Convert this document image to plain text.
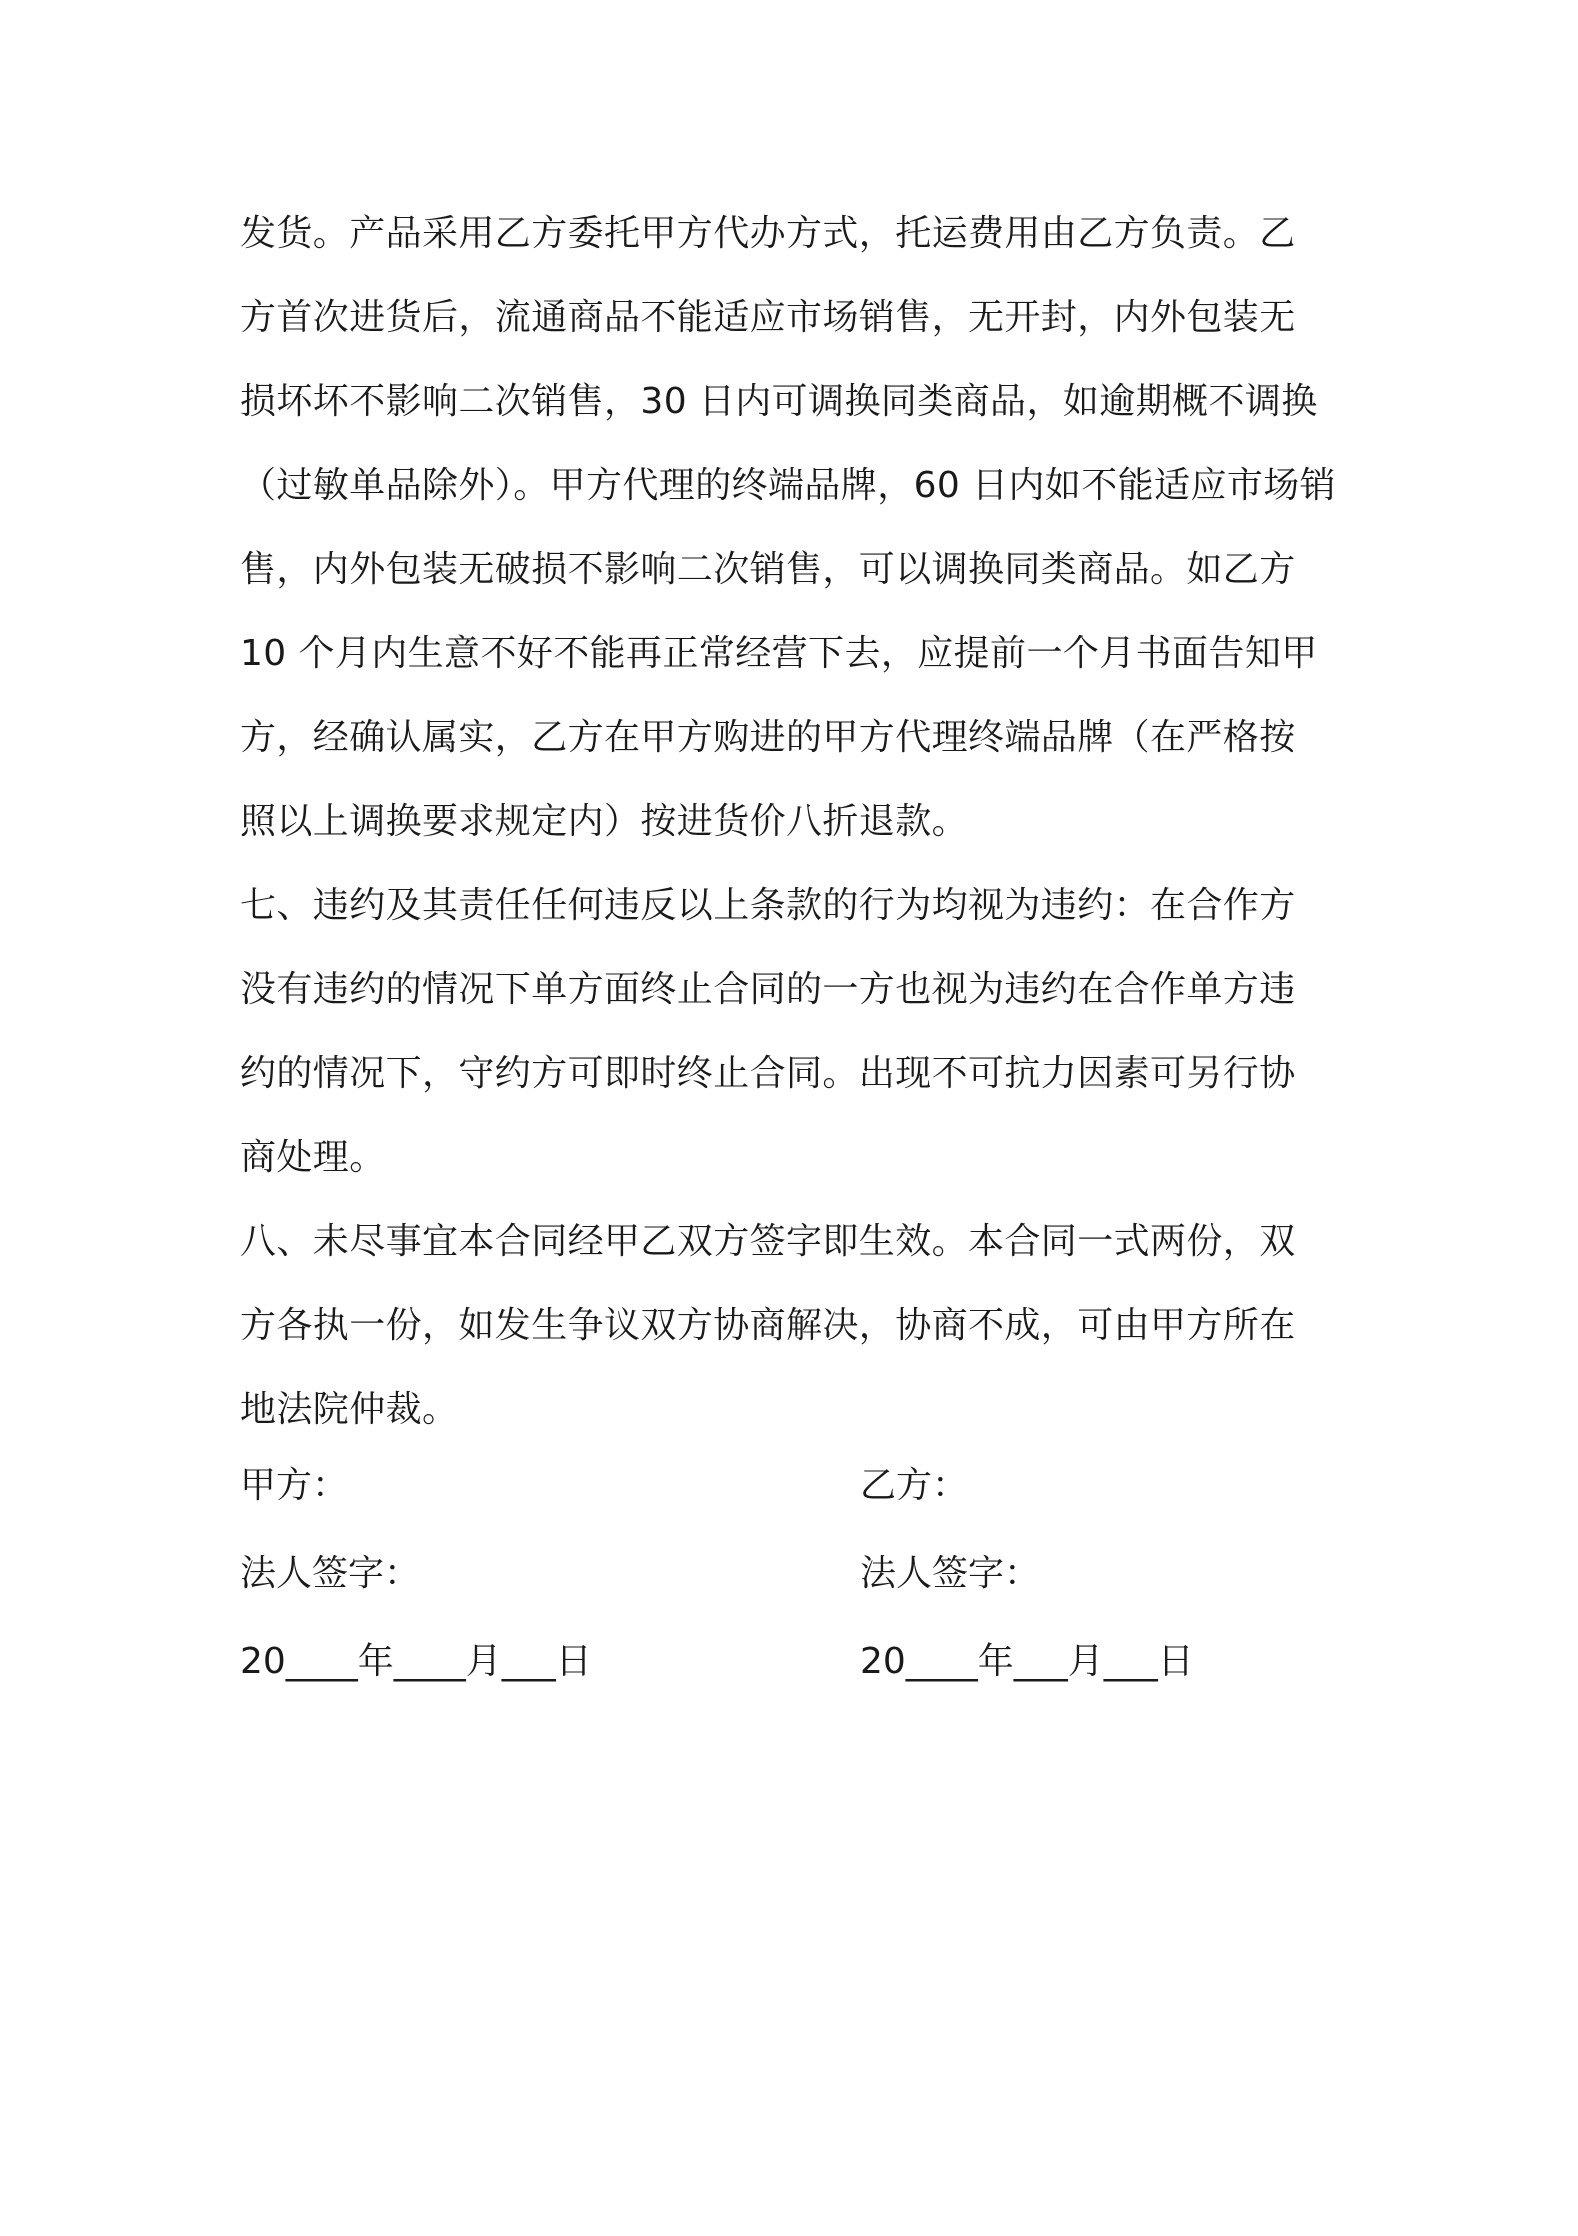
发货。产品采用乙方委托甲方代办方式，托运费用由乙方负责。乙
方首次进货后，流通商品不能适应市场销售，无开封，内外包装无
损坏坏不影响二次销售，30 日内可调换同类商品，如逾期概不调换
（过敏单品除外）。甲方代理的终端品牌，60 日内如不能适应市场销
售，内外包装无破损不影响二次销售，可以调换同类商品。如乙方
10 个月内生意不好不能再正常经营下去，应提前一个月书面告知甲
方，经确认属实，乙方在甲方购进的甲方代理终端品牌（在严格按
照以上调换要求规定内）按进货价八折退款。
七、违约及其责任任何违反以上条款的行为均视为违约：在合作方
没有违约的情况下单方面终止合同的一方也视为违约在合作单方违
约的情况下，守约方可即时终止合同。出现不可抗力因素可另行协
商处理。
八、未尽事宜本合同经甲乙双方签字即生效。本合同一式两份，双
方各执一份，如发生争议双方协商解决，协商不成，可由甲方所在
地法院仲裁。
甲方：	乙方：
法人签字：	法人签字：
20____年____月___日	20____年___月___日
